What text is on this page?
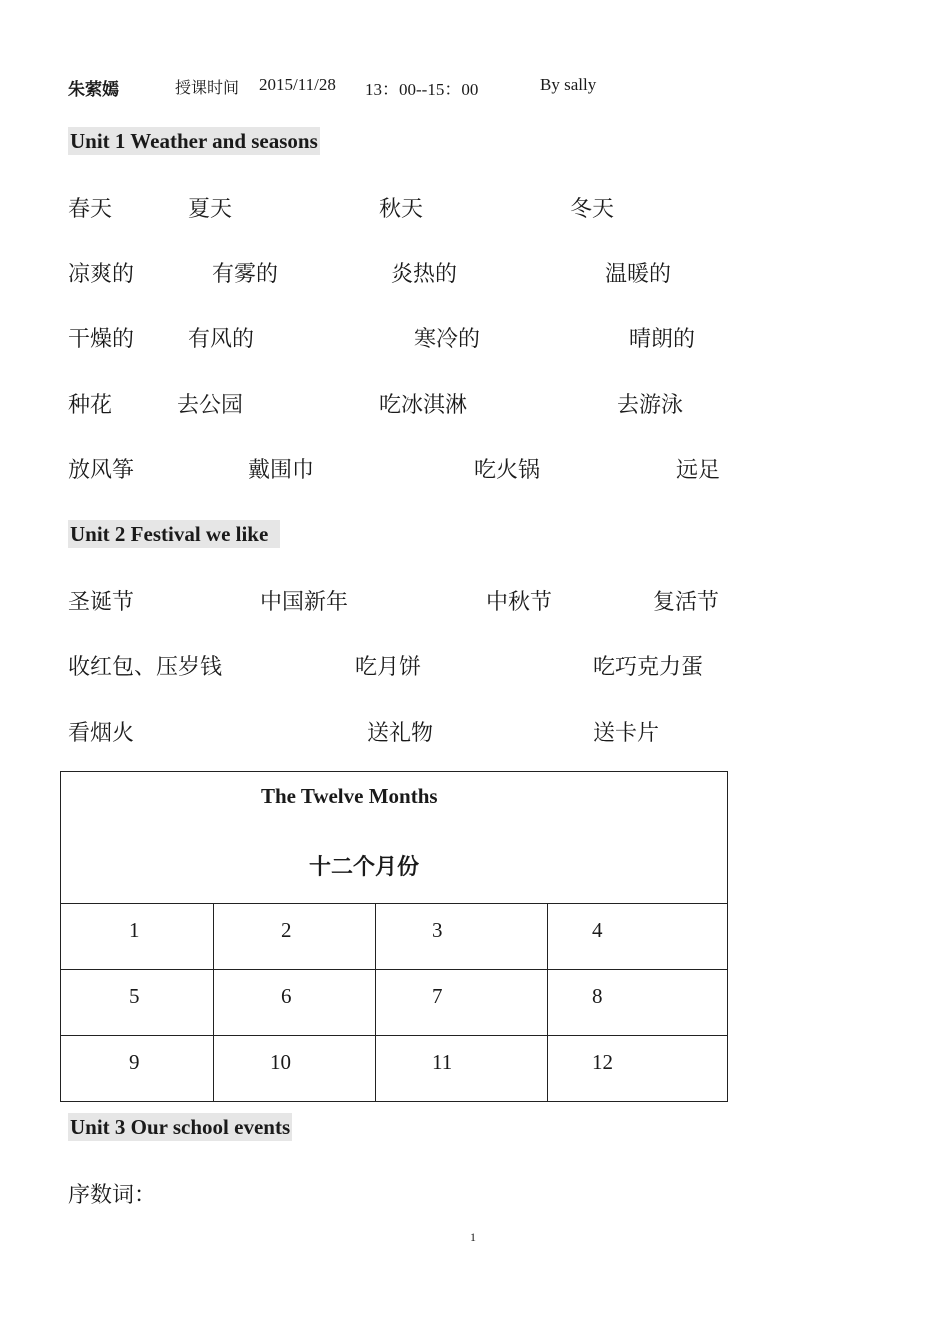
朱萦嫣	授课时间 2015/11/28 13：00--15：00	By sally
Unit 1 Weather and seasons
春天	夏天	秋天	冬天
凉爽的	有雾的	炎热的	温暖的
干燥的 有风的	寒冷的	晴朗的
种花	去公园	吃冰淇淋	去游泳
放风筝	戴围巾	吃火锅	远足
Unit 2 Festival we like
圣诞节	中国新年	中秋节	复活节
收红包、压岁钱	吃月饼	吃巧克力蛋
看烟火	送礼物	送卡片
The Twelve Months
十二个月份
1	2	3	4
5	6	7	8
9	10	11	12
Unit 3 Our school events
序数词：
1
